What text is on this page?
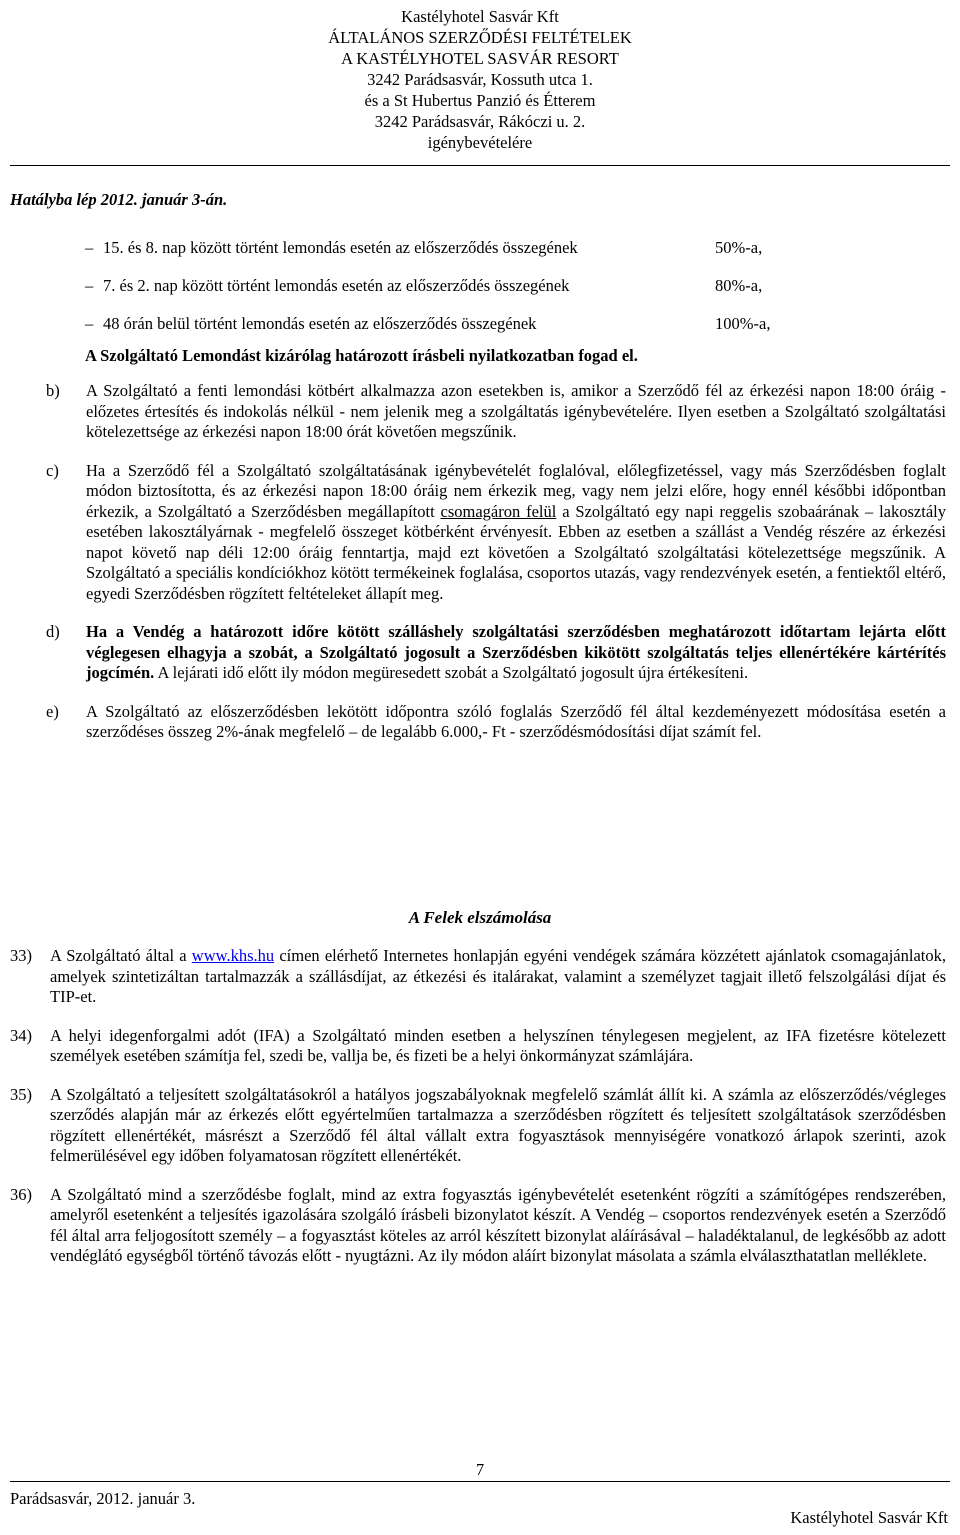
Kastélyhotel Sasvár Kft
ÁLTALÁNOS SZERZŐDÉSI FELTÉTELEK
A KASTÉLYHOTEL SASVÁR RESORT
3242 Parádsasvár, Kossuth utca 1.
és a St Hubertus Panzió és Étterem
3242 Parádsasvár, Rákóczi u. 2.
igénybevételére
Hatályba lép 2012. január 3-án.
– 15. és 8. nap között történt lemondás esetén az előszerződés összegének	50%-a,
– 7. és 2. nap között történt lemondás esetén az előszerződés összegének	80%-a,
– 48 órán belül történt lemondás esetén az előszerződés összegének	100%-a,
A Szolgáltató Lemondást kizárólag határozott írásbeli nyilatkozatban fogad el.
b) A Szolgáltató a fenti lemondási kötbért alkalmazza azon esetekben is, amikor a Szerződő fél az érkezési napon 18:00 óráig - előzetes értesítés és indokolás nélkül - nem jelenik meg a szolgáltatás igénybevételére. Ilyen esetben a Szolgáltató szolgáltatási kötelezettsége az érkezési napon 18:00 órát követően megszűnik.

c) Ha a Szerződő fél a Szolgáltató szolgáltatásának igénybevételét foglalóval, előlegfizetéssel, vagy más Szerződésben foglalt módon biztosította, és az érkezési napon 18:00 óráig nem érkezik meg, vagy nem jelzi előre, hogy ennél későbbi időpontban érkezik, a Szolgáltató a Szerződésben megállapított csomagáron felül a Szolgáltató egy napi reggelis szobaárának – lakosztály esetében lakosztályárnak - megfelelő összeget kötbérként érvényesít. Ebben az esetben a szállást a Vendég részére az érkezési napot követő nap déli 12:00 óráig fenntartja, majd ezt követően a Szolgáltató szolgáltatási kötelezettsége megszűnik. A Szolgáltató a speciális kondíciókhoz kötött termékeinek foglalása, csoportos utazás, vagy rendezvények esetén, a fentiektől eltérő, egyedi Szerződésben rögzített feltételeket állapít meg.

d) Ha a Vendég a határozott időre kötött szálláshely szolgáltatási szerződésben meghatározott időtartam lejárta előtt véglegesen elhagyja a szobát, a Szolgáltató jogosult a Szerződésben kikötött szolgáltatás teljes ellenértékére kártérítés jogcímén. A lejárati idő előtt ily módon megüresedett szobát a Szolgáltató jogosult újra értékesíteni.

e) A Szolgáltató az előszerződésben lekötött időpontra szóló foglalás Szerződő fél által kezdeményezett módosítása esetén a szerződéses összeg 2%-ának megfelelő – de legalább 6.000,- Ft - szerződésmódosítási díjat számít fel.

A Felek elszámolása
33) A Szolgáltató által a www.khs.hu címen elérhető Internetes honlapján egyéni vendégek számára közzétett ajánlatok csomagajánlatok, amelyek szintetizáltan tartalmazzák a szállásdíjat, az étkezési és italárakat, valamint a személyzet tagjait illető felszolgálási díjat és TIP-et.

34) A helyi idegenforgalmi adót (IFA) a Szolgáltató minden esetben a helyszínen ténylegesen megjelent, az IFA fizetésre kötelezett személyek esetében számítja fel, szedi be, vallja be, és fizeti be a helyi önkormányzat számlájára.

35) A Szolgáltató a teljesített szolgáltatásokról a hatályos jogszabályoknak megfelelő számlát állít ki. A számla az előszerződés/végleges szerződés alapján már az érkezés előtt egyértelműen tartalmazza a szerződésben rögzített és teljesített szolgáltatások szerződésben rögzített ellenértékét, másrészt a Szerződő fél által vállalt extra fogyasztások mennyiségére vonatkozó árlapok szerinti, azok felmerülésével egy időben folyamatosan rögzített ellenértékét.

36) A Szolgáltató mind a szerződésbe foglalt, mind az extra fogyasztás igénybevételét esetenként rögzíti a számítógépes rendszerében, amelyről esetenként a teljesítés igazolására szolgáló írásbeli bizonylatot készít. A Vendég – csoportos rendezvények esetén a Szerződő fél által arra feljogosított személy – a fogyasztást köteles az arról készített bizonylat aláírásával – haladéktalanul, de legkésőbb az adott vendéglátó egységből történő távozás előtt - nyugtázni. Az ily módon aláírt bizonylat másolata a számla elválaszthatatlan melléklete.

7
Parádsasvár, 2012. január 3.
Kastélyhotel Sasvár Kft
